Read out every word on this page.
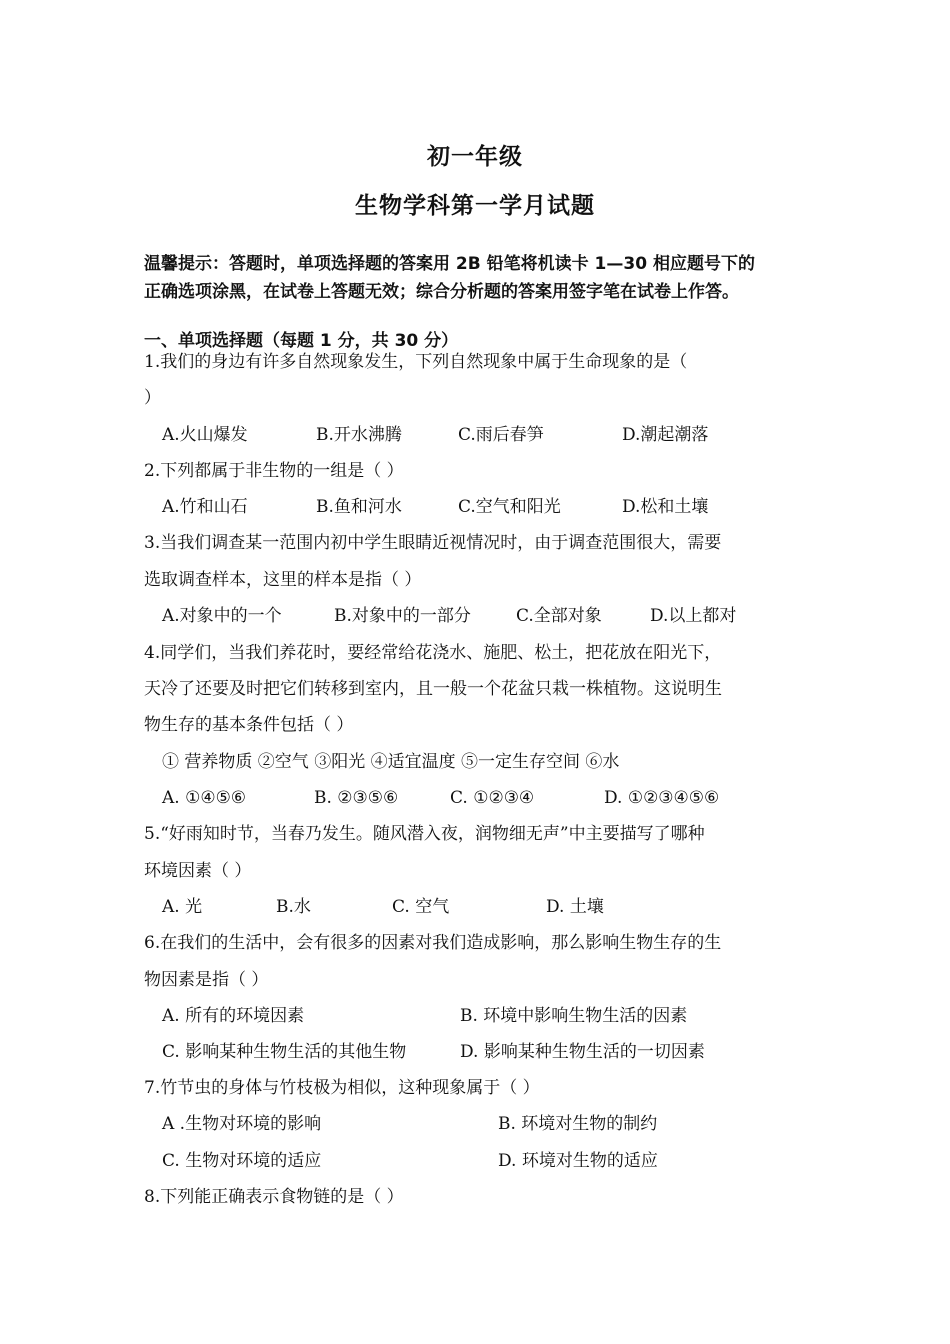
初一年级
生物学科第一学月试题
温馨提示：答题时，单项选择题的答案用 2B 铅笔将机读卡 1—30 相应题号下的
正确选项涂黑，在试卷上答题无效；综合分析题的答案用签字笔在试卷上作答。
一、单项选择题（每题 1 分，共 30 分）
1.我们的身边有许多自然现象发生，下列自然现象中属于生命现象的是（
）
A.火山爆发	B.开水沸腾	C.雨后春笋	D.潮起潮落
2.下列都属于非生物的一组是（ ）
A.竹和山石	B.鱼和河水	C.空气和阳光	D.松和土壤
3.当我们调查某一范围内初中学生眼睛近视情况时，由于调查范围很大，需要
选取调查样本，这里的样本是指（ ）
A.对象中的一个	B.对象中的一部分	C.全部对象	D.以上都对
4.同学们，当我们养花时，要经常给花浇水、施肥、松土，把花放在阳光下，
天冷了还要及时把它们转移到室内，且一般一个花盆只栽一株植物。这说明生
物生存的基本条件包括（ ）
① 营养物质 ②空气 ③阳光 ④适宜温度 ⑤一定生存空间 ⑥水
A. ①④⑤⑥	B. ②③⑤⑥	C. ①②③④	D. ①②③④⑤⑥
5.“好雨知时节，当春乃发生。随风潜入夜，润物细无声”中主要描写了哪种
环境因素（ ）
A. 光	B.水	C. 空气	D. 土壤
6.在我们的生活中，会有很多的因素对我们造成影响，那么影响生物生存的生
物因素是指（ ）
A. 所有的环境因素	B. 环境中影响生物生活的因素
C. 影响某种生物生活的其他生物	D. 影响某种生物生活的一切因素
7.竹节虫的身体与竹枝极为相似，这种现象属于（ ）
A .生物对环境的影响	B. 环境对生物的制约
C. 生物对环境的适应	D. 环境对生物的适应
8.下列能正确表示食物链的是（ ）
